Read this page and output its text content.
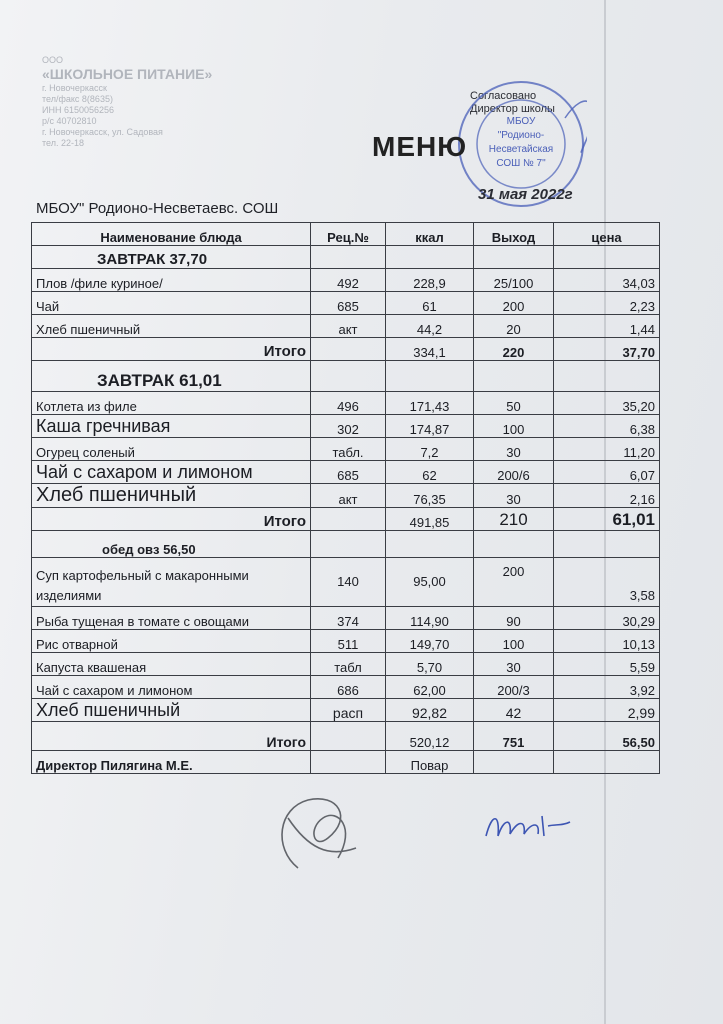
ООО
«ШКОЛЬНОЕ ПИТАНИЕ»
г. Новочеркасск
тел/факс 8(8635)
ИНН 6150056256
р/с 40702810
г. Новочеркасск, ул. Садовая
тел. 22-18
Согласовано
Директор школы
МБОУ
"Родионо-
Несветайская
СОШ № 7"
МЕНЮ
31 мая 2022г
МБОУ" Родионо-Несветаевс. СОШ
Наименование блюда	Рец.№	ккал	Выход	цена
ЗАВТРАК 37,70				
Плов /филе куриное/	492	228,9	25/100	34,03
Чай	685	61	200	2,23
Хлеб пшеничный	акт	44,2	20	1,44
Итого		334,1	220	37,70
ЗАВТРАК 61,01				
Котлета из филе	496	171,43	50	35,20
Каша гречнивая	302	174,87	100	6,38
Огурец соленый	табл.	7,2	30	11,20
Чай с сахаром и лимоном	685	62	200/6	6,07
Хлеб пшеничный	акт	76,35	30	2,16
Итого		491,85	210	61,01
обед овз 56,50				
Суп картофельный с макаронными изделиями	140	95,00	200	3,58
Рыба тущеная в томате с овощами	374	114,90	90	30,29
Рис отварной	511	149,70	100	10,13
Капуста квашеная	табл	5,70	30	5,59
Чай с сахаром и лимоном	686	62,00	200/3	3,92
Хлеб пшеничный	расп	92,82	42	2,99
Итого		520,12	751	56,50
Директор Пилягина М.Е.		Повар		
